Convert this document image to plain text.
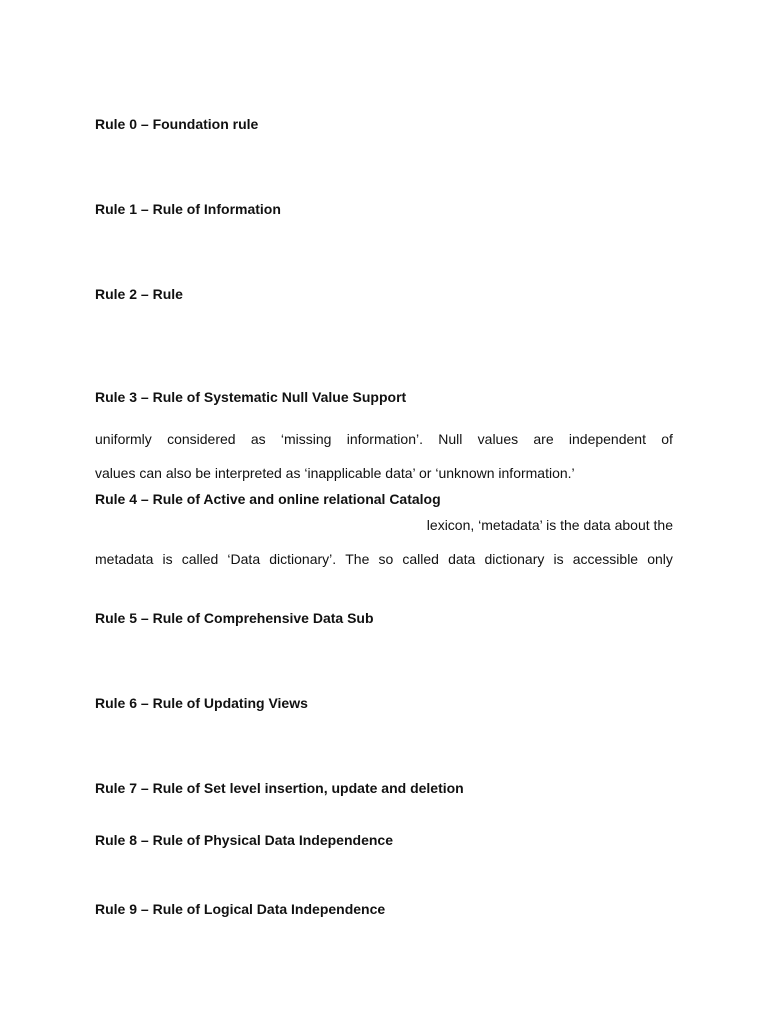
Rule 0 – Foundation rule
Rule 1 – Rule of Information
Rule 2 – Rule
Rule 3 – Rule of Systematic Null Value Support
uniformly considered as ‘missing information’. Null values are independent of
values can also be interpreted as ‘inapplicable data’ or ‘unknown information.’
Rule 4 – Rule of Active and online relational Catalog
lexicon, ‘metadata’ is the data about the
metadata is called ‘Data dictionary’. The so called data dictionary is accessible only
Rule 5 – Rule of Comprehensive Data Sub
Rule 6 – Rule of Updating Views
Rule 7 – Rule of Set level insertion, update and deletion
Rule 8 – Rule of Physical Data Independence
Rule 9 – Rule of Logical Data Independence
